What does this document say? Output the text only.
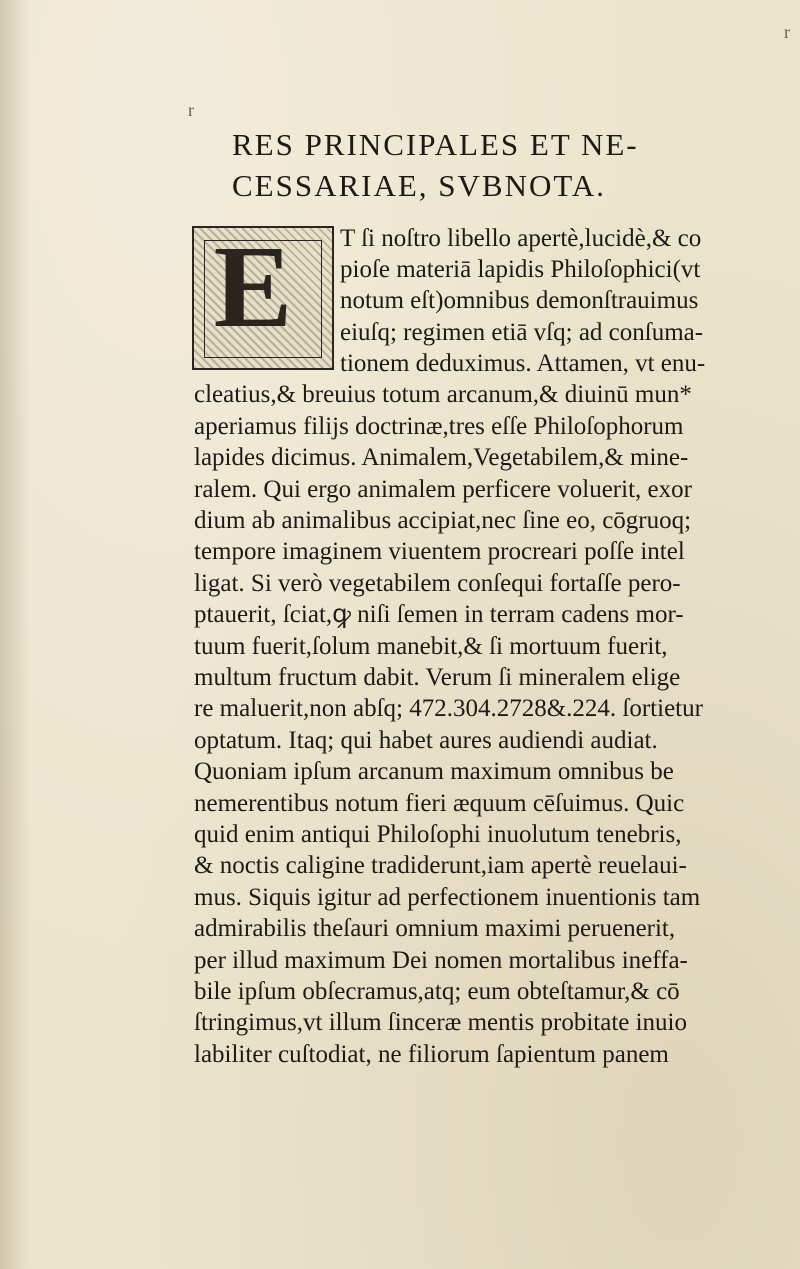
r
r
RES PRINCIPALES ET NE-
CESSARIAE, SVBNOTA.
E	T ſi noſtro libello apertè,lucidè,& co

pioſe materiā lapidis Philoſophici(vt

notum eſt)omnibus demonſtrauimus

eiuſq; regimen etiā vſq; ad conſuma-

tionem deduximus. Attamen, vt enu-

cleatius,& breuius totum arcanum,& diuinū mun*

aperiamus filijs doctrinæ,tres eſſe Philoſophorum

lapides dicimus. Animalem,Vegetabilem,& mine-

ralem. Qui ergo animalem perficere voluerit, exor

dium ab animalibus accipiat,nec ſine eo, cōgruoq;

tempore imaginem viuentem procreari poſſe intel

ligat. Si verò vegetabilem conſequi fortaſſe pero-

ptauerit, ſciat,ꝙ niſi ſemen in terram cadens mor-

tuum fuerit,ſolum manebit,& ſi mortuum fuerit,

multum fructum dabit. Verum ſi mineralem elige

re maluerit,non abſq; 472.304.2728&.224. ſortietur

optatum. Itaq; qui habet aures audiendi audiat.

Quoniam ipſum arcanum maximum omnibus be

nemerentibus notum fieri æquum cēſuimus. Quic

quid enim antiqui Philoſophi inuolutum tenebris,

& noctis caligine tradiderunt,iam apertè reuelaui-

mus. Siquis igitur ad perfectionem inuentionis tam

admirabilis theſauri omnium maximi peruenerit,

per illud maximum Dei nomen mortalibus ineffa-

bile ipſum obſecramus,atq; eum obteſtamur,& cō

ſtringimus,vt illum ſinceræ mentis probitate inuio

labiliter cuſtodiat, ne filiorum ſapientum panem
